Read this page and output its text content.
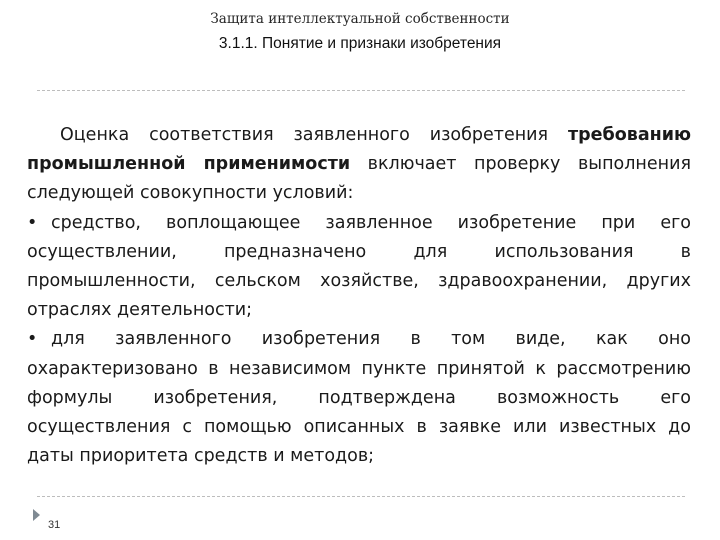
Защита интеллектуальной собственности
3.1.1. Понятие и признаки изобретения

Оценка соответствия заявленного изобретения требованию промышленной применимости включает проверку выполнения следующей совокупности условий:

• средство, воплощающее заявленное изобретение при его осуществлении, предназначено для использования в промышленности, сельском хозяйстве, здравоохранении, других отраслях деятельности;

• для заявленного изобретения в том виде, как оно охарактеризовано в независимом пункте принятой к рассмотрению формулы изобретения, подтверждена возможность его осуществления с помощью описанных в заявке или известных до даты приоритета средств и методов;

31
